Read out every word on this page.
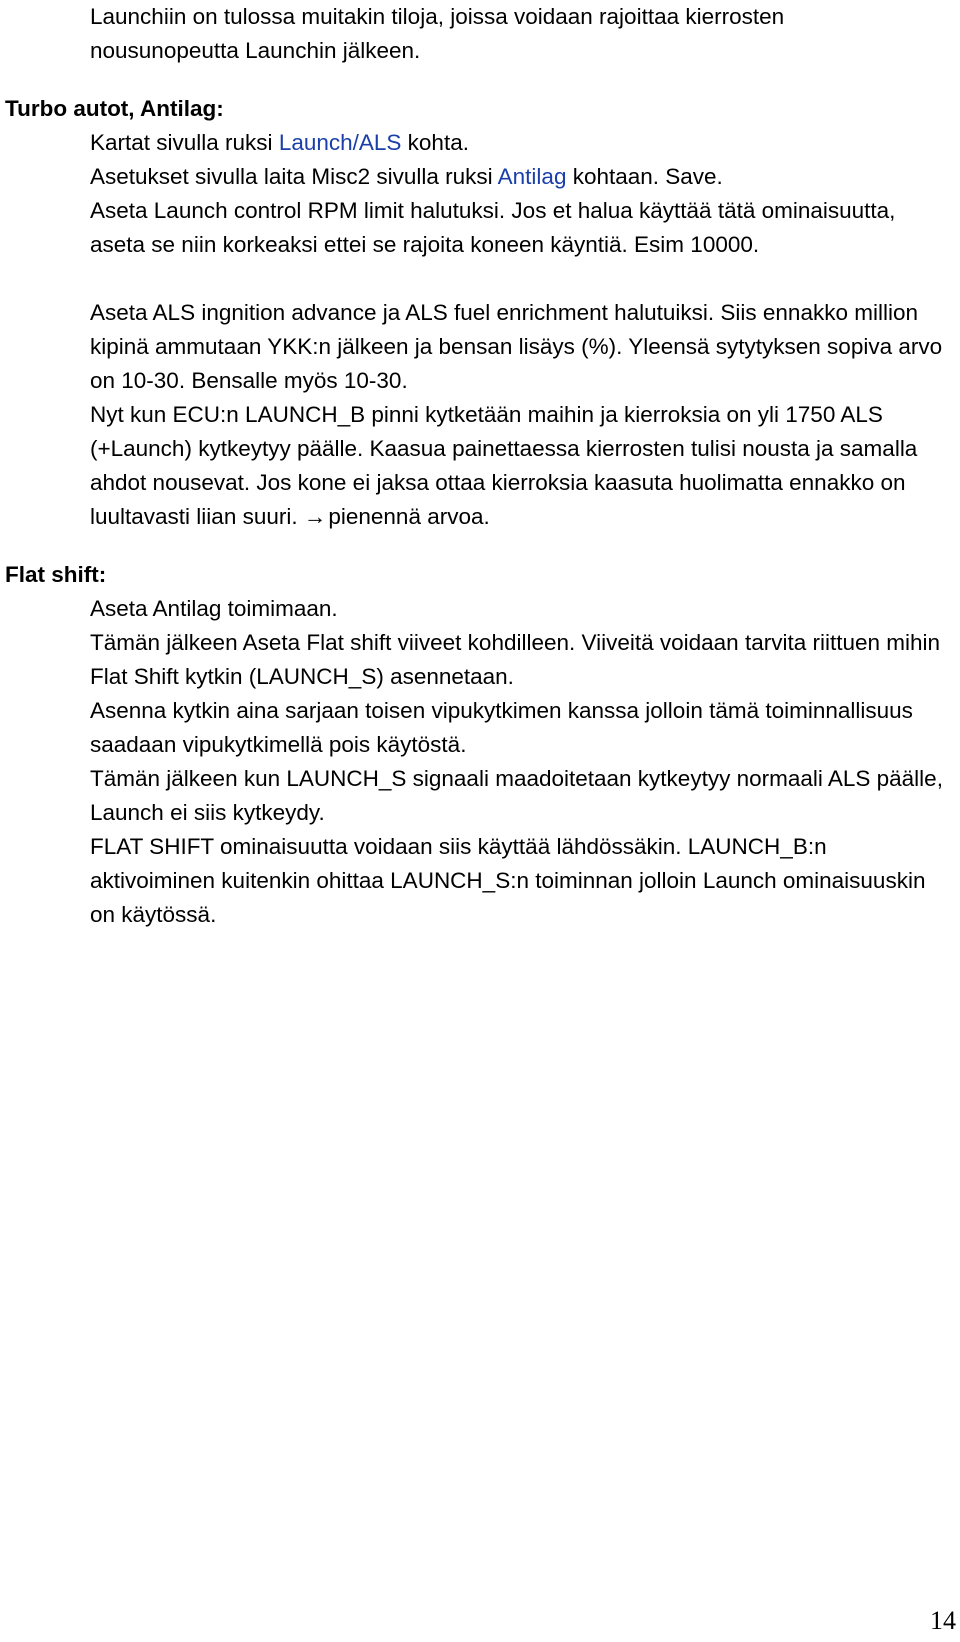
Launchiin on tulossa muitakin tiloja, joissa voidaan rajoittaa kierrosten

nousunopeutta Launchin jälkeen.

Turbo autot, Antilag:

Kartat sivulla ruksi Launch/ALS kohta.

Asetukset sivulla laita Misc2 sivulla ruksi Antilag kohtaan. Save.

Aseta Launch control RPM limit halutuksi. Jos et halua käyttää tätä ominaisuutta, aseta se niin korkeaksi ettei se rajoita koneen käyntiä. Esim 10000.

Aseta ALS ingnition advance ja ALS fuel enrichment halutuiksi. Siis ennakko million kipinä ammutaan YKK:n jälkeen ja bensan lisäys (%). Yleensä sytytyksen sopiva arvo on 10-30. Bensalle myös 10-30.

Nyt kun ECU:n LAUNCH_B pinni kytketään maihin ja kierroksia on yli 1750 ALS (+Launch) kytkeytyy päälle. Kaasua painettaessa kierrosten tulisi nousta ja samalla ahdot nousevat. Jos kone ei jaksa ottaa kierroksia kaasuta huolimatta ennakko on luultavasti liian suuri. →pienennä arvoa.

Flat shift:

Aseta Antilag toimimaan.

Tämän jälkeen Aseta Flat shift viiveet kohdilleen. Viiveitä voidaan tarvita riittuen mihin Flat Shift kytkin (LAUNCH_S) asennetaan.

Asenna kytkin aina sarjaan toisen vipukytkimen kanssa jolloin tämä toiminnallisuus saadaan vipukytkimellä pois käytöstä.

Tämän jälkeen kun LAUNCH_S signaali maadoitetaan kytkeytyy normaali ALS päälle, Launch ei siis kytkeydy.

FLAT SHIFT ominaisuutta voidaan siis käyttää lähdössäkin. LAUNCH_B:n aktivoiminen kuitenkin ohittaa LAUNCH_S:n toiminnan jolloin Launch ominaisuuskin on käytössä.

14
